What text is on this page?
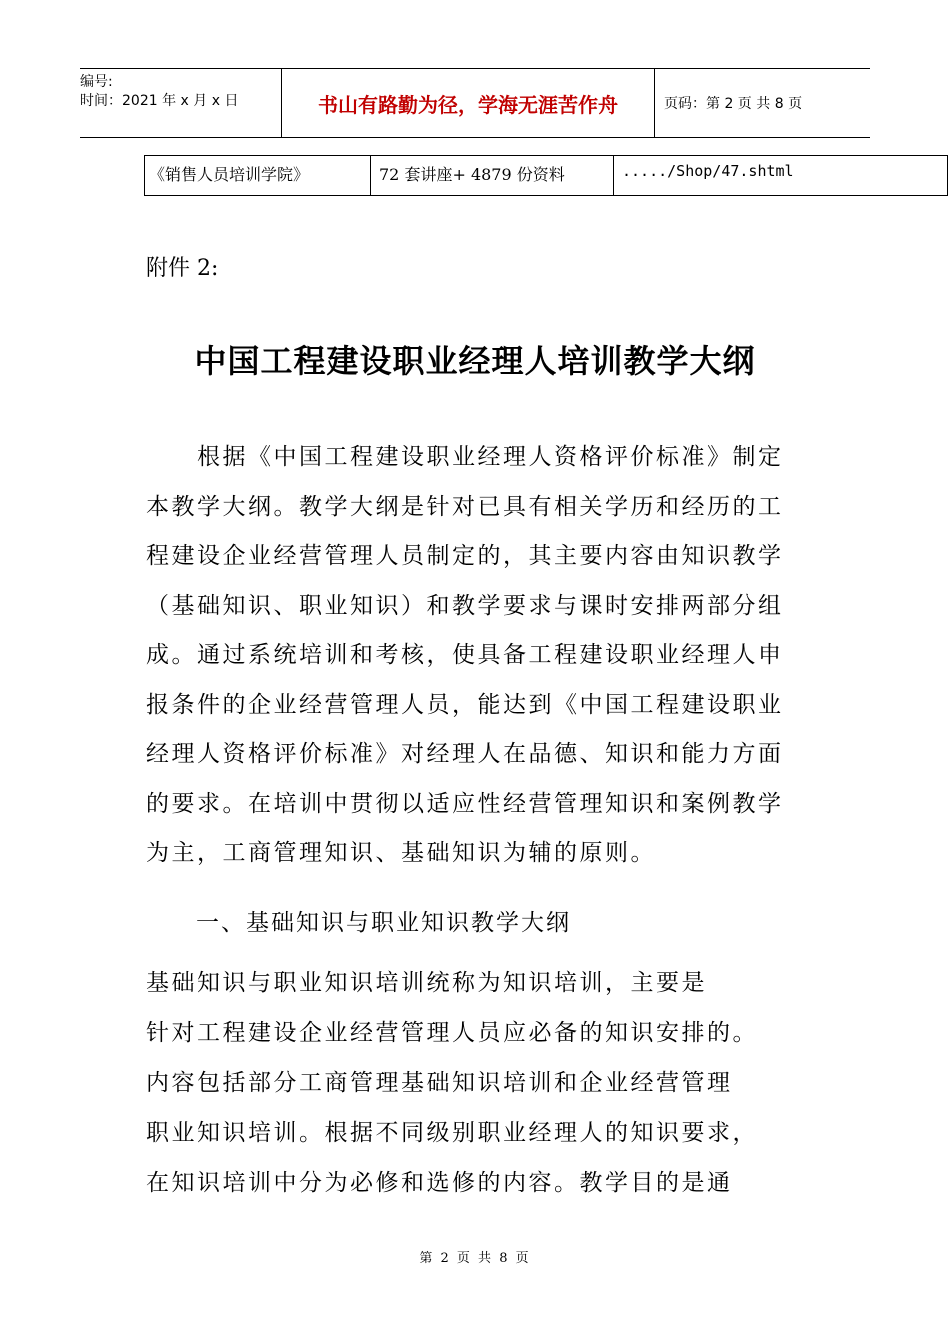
编号:
时间：2021 年 x 月 x 日	书山有路勤为径，学海无涯苦作舟	页码：第 2 页 共 8 页
《销售人员培训学院》	72 套讲座+ 4879 份资料	...../Shop/47.shtml
附件 2:
中国工程建设职业经理人培训教学大纲
　　根据《中国工程建设职业经理人资格评价标准》制定
本教学大纲。教学大纲是针对已具有相关学历和经历的工
程建设企业经营管理人员制定的，其主要内容由知识教学
（基础知识、职业知识）和教学要求与课时安排两部分组
成。通过系统培训和考核，使具备工程建设职业经理人申
报条件的企业经营管理人员，能达到《中国工程建设职业
经理人资格评价标准》对经理人在品德、知识和能力方面
的要求。在培训中贯彻以适应性经营管理知识和案例教学
为主，工商管理知识、基础知识为辅的原则。
一、基础知识与职业知识教学大纲
基础知识与职业知识培训统称为知识培训，主要是
针对工程建设企业经营管理人员应必备的知识安排的。
内容包括部分工商管理基础知识培训和企业经营管理
职业知识培训。根据不同级别职业经理人的知识要求，
在知识培训中分为必修和选修的内容。教学目的是通
第 2 页 共 8 页
